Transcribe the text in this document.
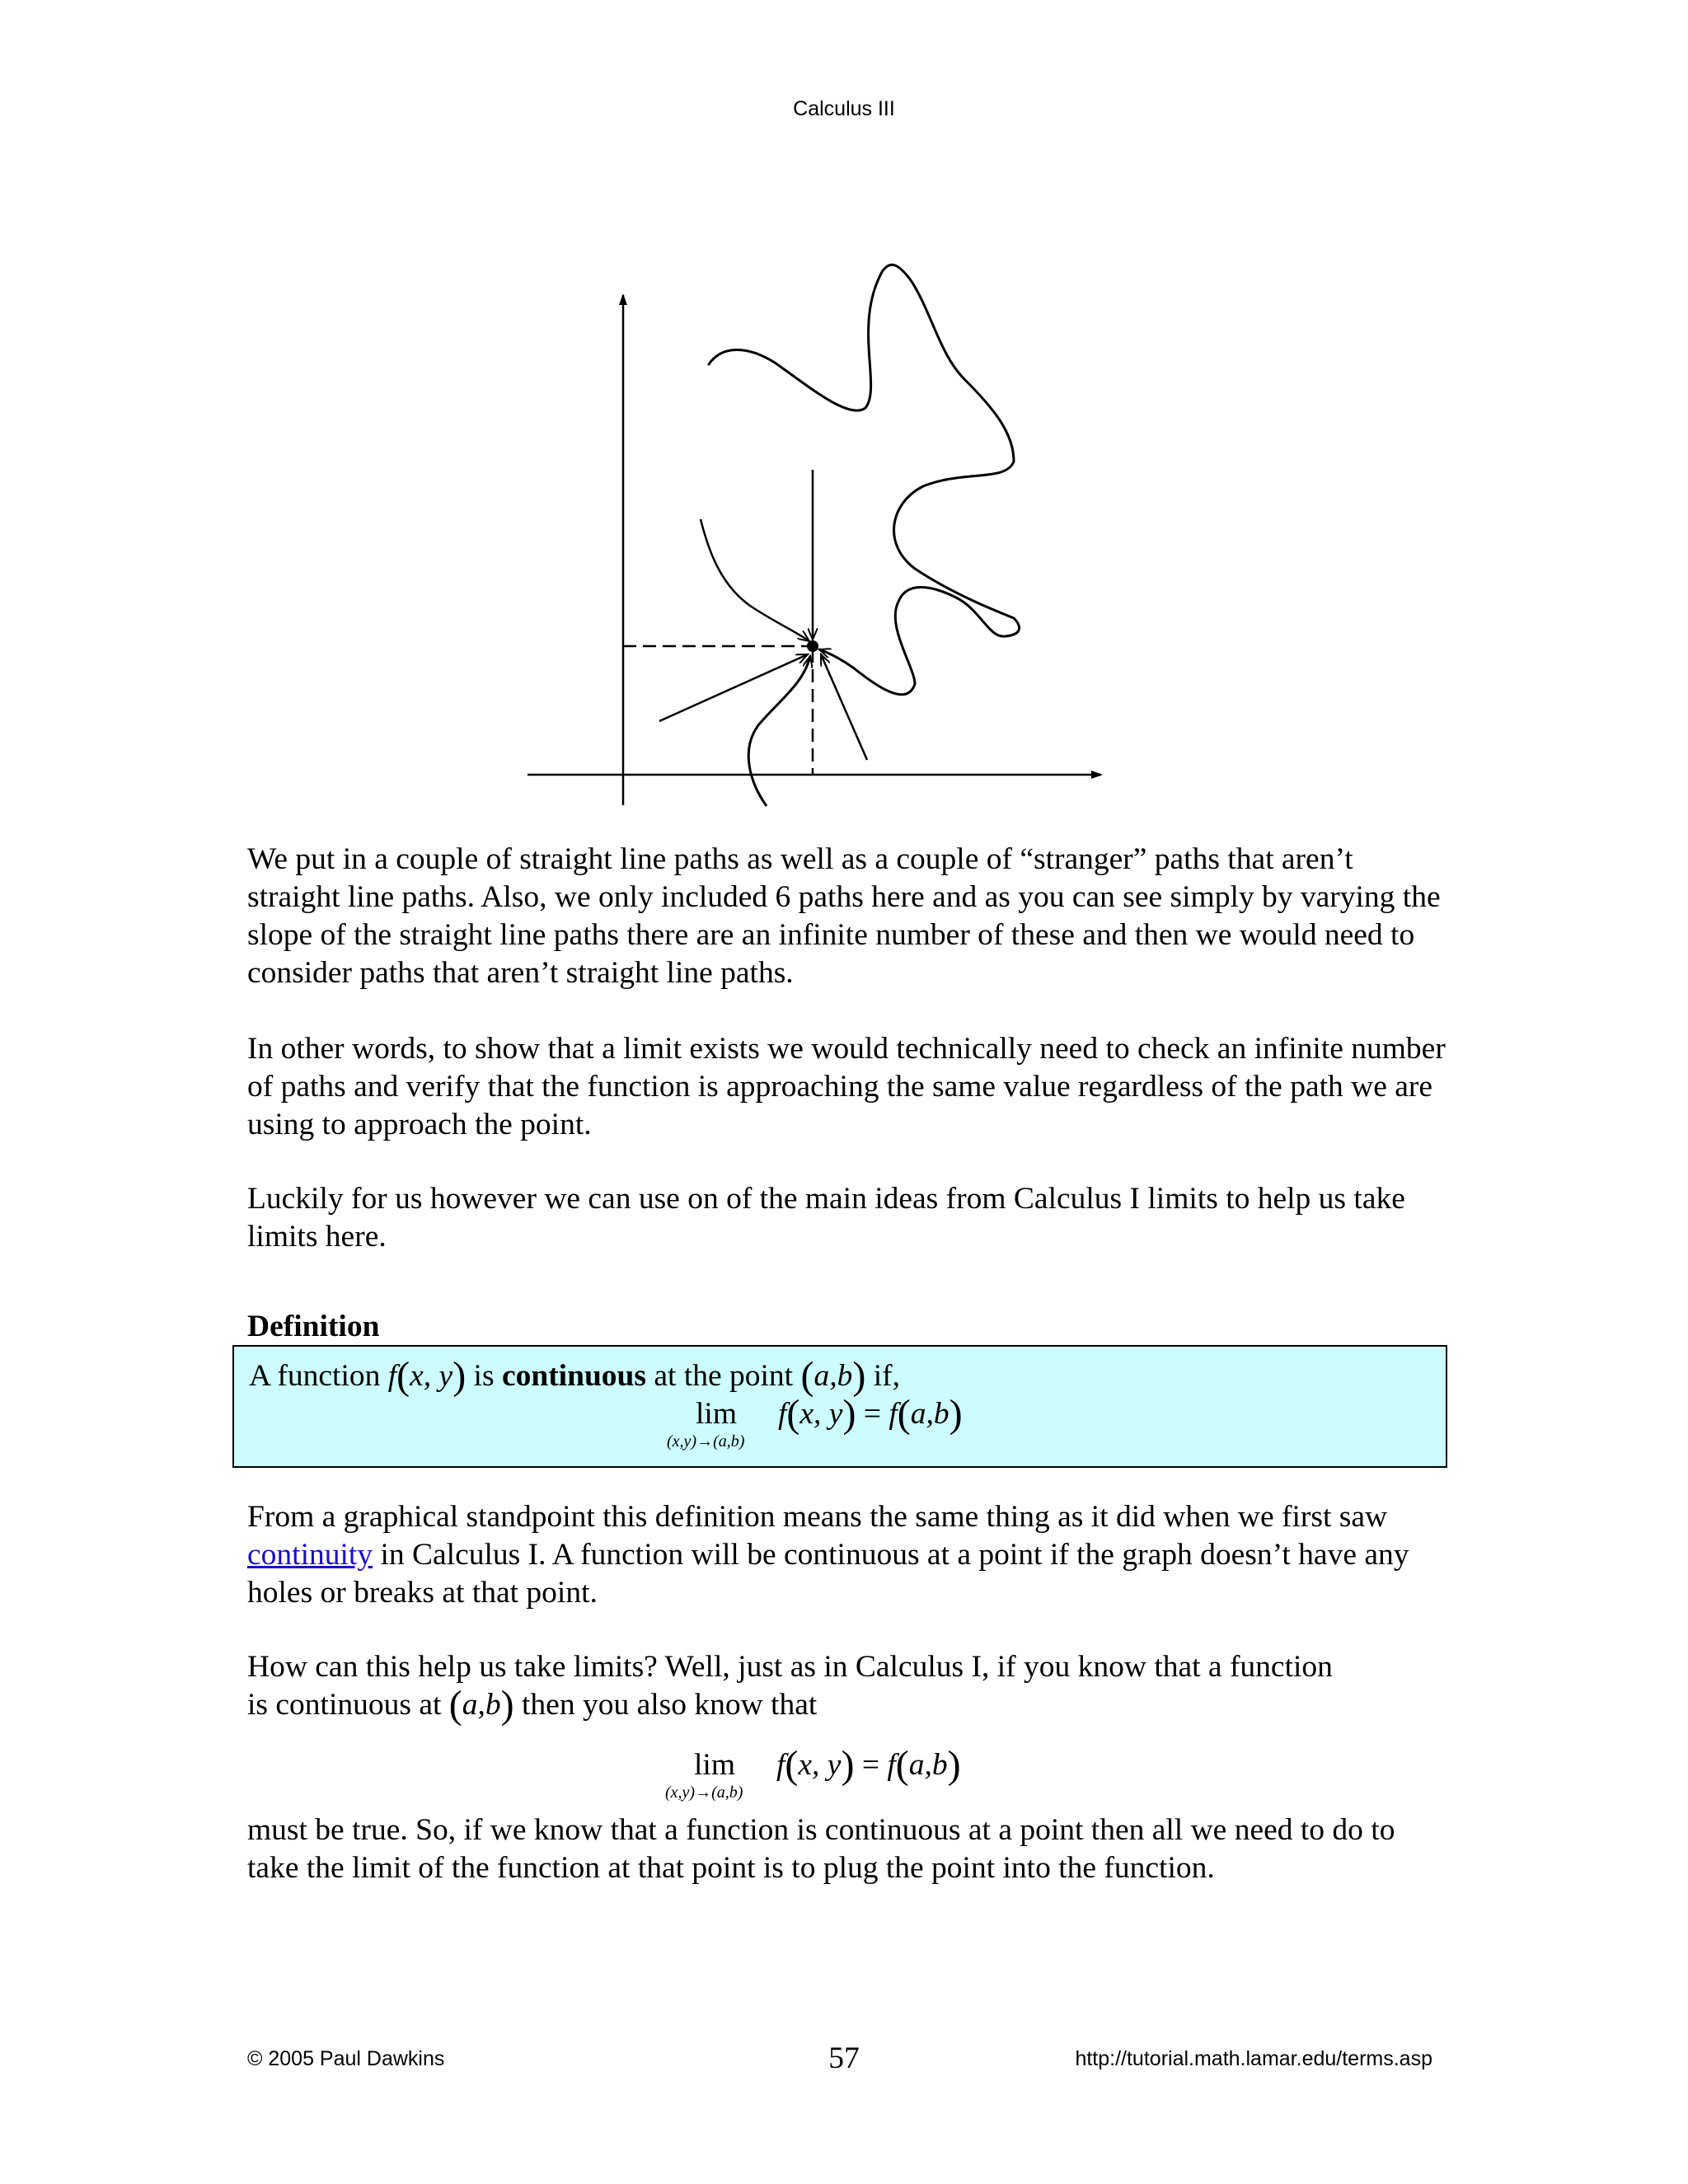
Calculus III

We put in a couple of straight line paths as well as a couple of “stranger” paths that aren’t straight line paths. Also, we only included 6 paths here and as you can see simply by varying the slope of the straight line paths there are an infinite number of these and then we would need to consider paths that aren’t straight line paths.

In other words, to show that a limit exists we would technically need to check an infinite number of paths and verify that the function is approaching the same value regardless of the path we are using to approach the point.

Luckily for us however we can use on of the main ideas from Calculus I limits to help us take limits here.

Definition
A function f(x, y) is continuous at the point (a,b) if,
lim
(x,y)→(a,b)
f(x, y) = f(a,b)

From a graphical standpoint this definition means the same thing as it did when we first saw continuity in Calculus I. A function will be continuous at a point if the graph doesn’t have any holes or breaks at that point.

How can this help us take limits? Well, just as in Calculus I, if you know that a function
is continuous at (a,b) then you also know that

lim
(x,y)→(a,b)
f(x, y) = f(a,b)

must be true. So, if we know that a function is continuous at a point then all we need to do to take the limit of the function at that point is to plug the point into the function.

© 2005 Paul Dawkins	57	http://tutorial.math.lamar.edu/terms.asp
